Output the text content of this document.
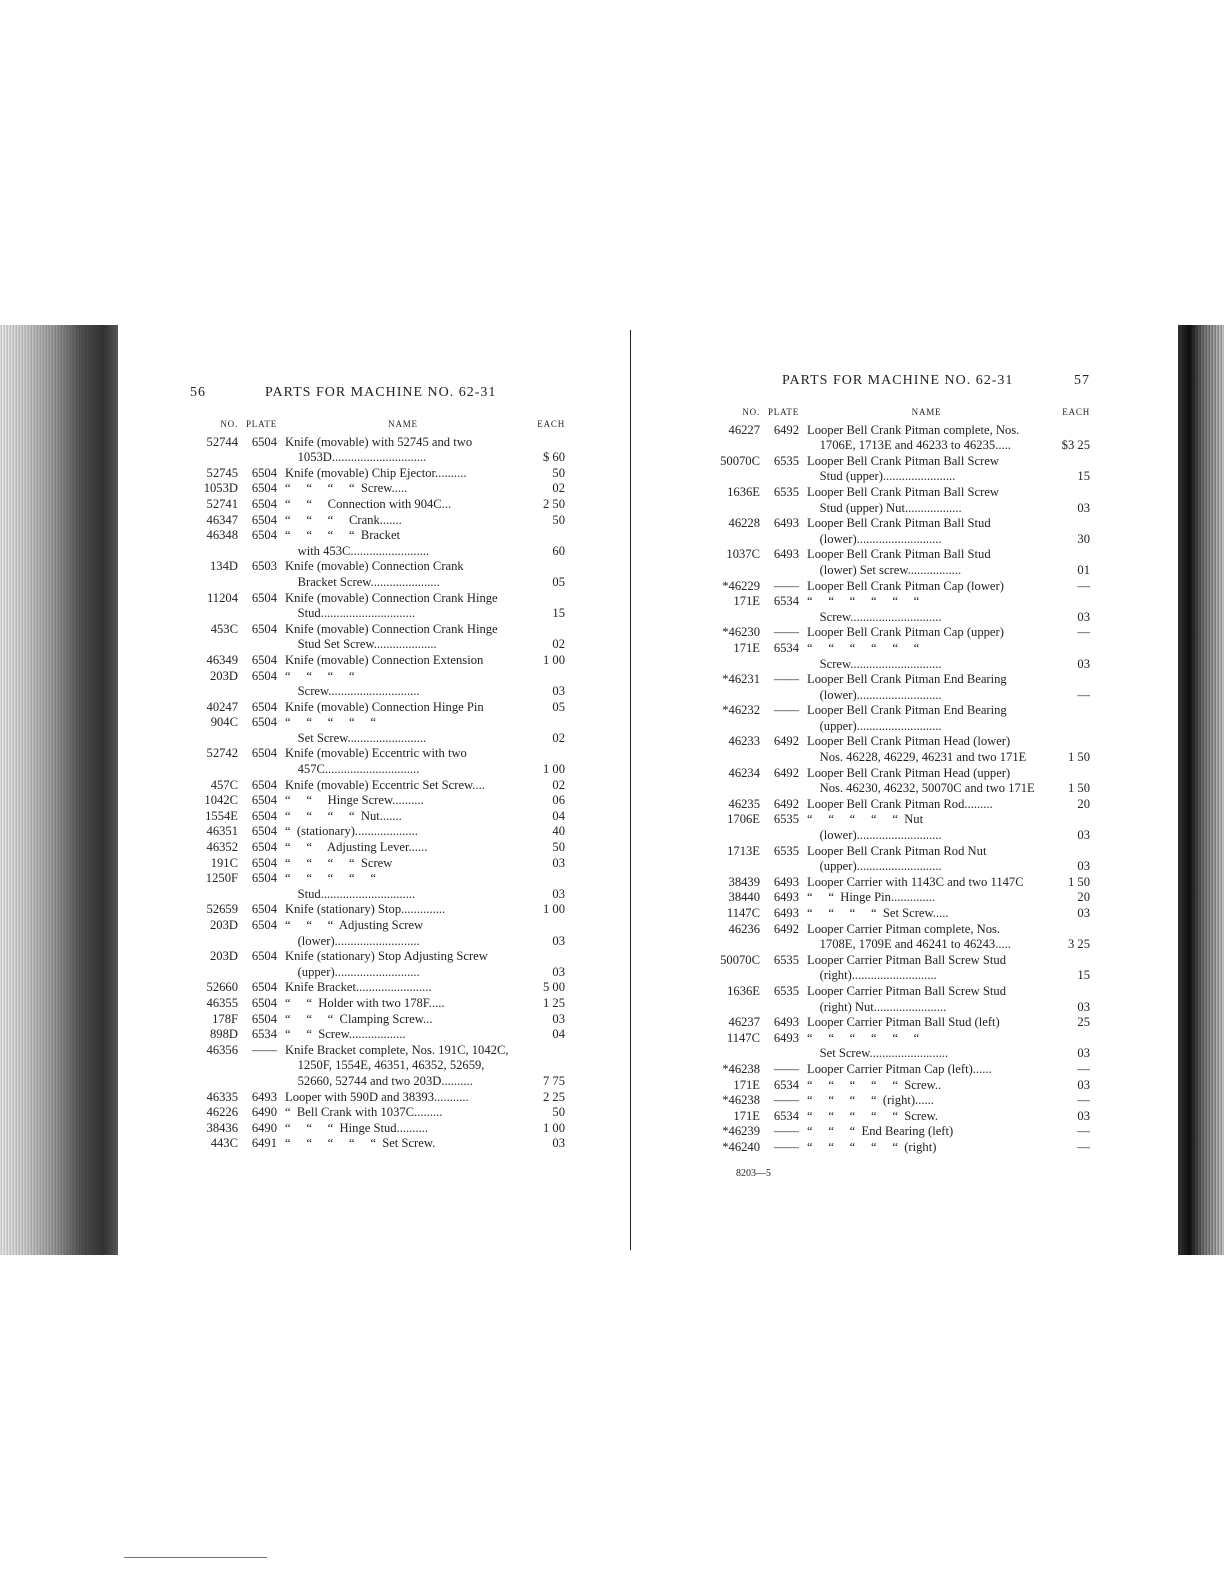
56	PARTS FOR MACHINE NO. 62-31
NO. PLATE	NAME	EACH
52744	6504 Knife (movable) with 52745 and two
1053D..............................	$ 60
52745	6504 Knife (movable) Chip Ejector..........	50
1053D	6504 “     “     “     “  Screw.....	02
52741	6504 “     “     Connection with 904C...	2 50
46347	6504 “     “     “     Crank.......	50
46348	6504 “     “     “     “  Bracket
with 453C.........................	60
134D	6503 Knife (movable) Connection Crank
Bracket Screw......................	05
11204	6504 Knife (movable) Connection Crank Hinge
Stud..............................	15
453C	6504 Knife (movable) Connection Crank Hinge
Stud Set Screw....................	02
46349	6504 Knife (movable) Connection Extension	1 00
203D	6504 “     “     “     “
Screw.............................	03
40247	6504 Knife (movable) Connection Hinge Pin	05
904C	6504 “     “     “     “     “
Set Screw.........................	02
52742	6504 Knife (movable) Eccentric with two
457C..............................	1 00
457C	6504 Knife (movable) Eccentric Set Screw....	02
1042C	6504 “     “     Hinge Screw..........	06
1554E	6504 “     “     “     “  Nut.......	04
46351	6504 “  (stationary)....................	40
46352	6504 “     “     Adjusting Lever......	50
191C	6504 “     “     “     “  Screw	03
1250F	6504 “     “     “     “     “
Stud..............................	03
52659	6504 Knife (stationary) Stop..............	1 00
203D	6504 “     “     “  Adjusting Screw
(lower)...........................	03
203D	6504 Knife (stationary) Stop Adjusting Screw
(upper)...........................	03
52660	6504 Knife Bracket........................	5 00
46355	6504 “     “  Holder with two 178F.....	1 25
178F	6504 “     “     “  Clamping Screw...	03
898D	6534 “     “  Screw..................	04
46356	—— Knife Bracket complete, Nos. 191C, 1042C,
1250F, 1554E, 46351, 46352, 52659,
52660, 52744 and two 203D..........	7 75
46335	6493 Looper with 590D and 38393...........	2 25
46226	6490 “  Bell Crank with 1037C.........	50
38436	6490 “     “     “  Hinge Stud..........	1 00
443C	6491 “     “     “     “     “  Set Screw.	03
PARTS FOR MACHINE NO. 62-31	57
NO. PLATE	NAME	EACH
46227	6492 Looper Bell Crank Pitman complete, Nos.
1706E, 1713E and 46233 to 46235.....	$3 25
50070C	6535 Looper Bell Crank Pitman Ball Screw
Stud (upper).......................	15
1636E	6535 Looper Bell Crank Pitman Ball Screw
Stud (upper) Nut..................	03
46228	6493 Looper Bell Crank Pitman Ball Stud
(lower)...........................	30
1037C	6493 Looper Bell Crank Pitman Ball Stud
(lower) Set screw.................	01
*46229	—— Looper Bell Crank Pitman Cap (lower)	—
171E	6534 “     “     “     “     “     “
Screw.............................	03
*46230	—— Looper Bell Crank Pitman Cap (upper)	—
171E	6534 “     “     “     “     “     “
Screw.............................	03
*46231	—— Looper Bell Crank Pitman End Bearing
(lower)...........................	—
*46232	—— Looper Bell Crank Pitman End Bearing
(upper)...........................
46233	6492 Looper Bell Crank Pitman Head (lower)
Nos. 46228, 46229, 46231 and two 171E	1 50
46234	6492 Looper Bell Crank Pitman Head (upper)
Nos. 46230, 46232, 50070C and two 171E	1 50
46235	6492 Looper Bell Crank Pitman Rod.........	20
1706E	6535 “     “     “     “     “  Nut
(lower)...........................	03
1713E	6535 Looper Bell Crank Pitman Rod Nut
(upper)...........................	03
38439	6493 Looper Carrier with 1143C and two 1147C	1 50
38440	6493 “     “  Hinge Pin..............	20
1147C	6493 “     “     “     “  Set Screw.....	03
46236	6492 Looper Carrier Pitman complete, Nos.
1708E, 1709E and 46241 to 46243.....	3 25
50070C	6535 Looper Carrier Pitman Ball Screw Stud
(right)...........................	15
1636E	6535 Looper Carrier Pitman Ball Screw Stud
(right) Nut.......................	03
46237	6493 Looper Carrier Pitman Ball Stud (left)	25
1147C	6493 “     “     “     “     “     “
Set Screw.........................	03
*46238	—— Looper Carrier Pitman Cap (left)......	—
171E	6534 “     “     “     “     “  Screw..	03
*46238	—— “     “     “     “  (right)......	—
171E	6534 “     “     “     “     “  Screw.	03
*46239	—— “     “     “  End Bearing (left)	—
*46240	—— “     “     “     “     “  (right)	—
8203—5
